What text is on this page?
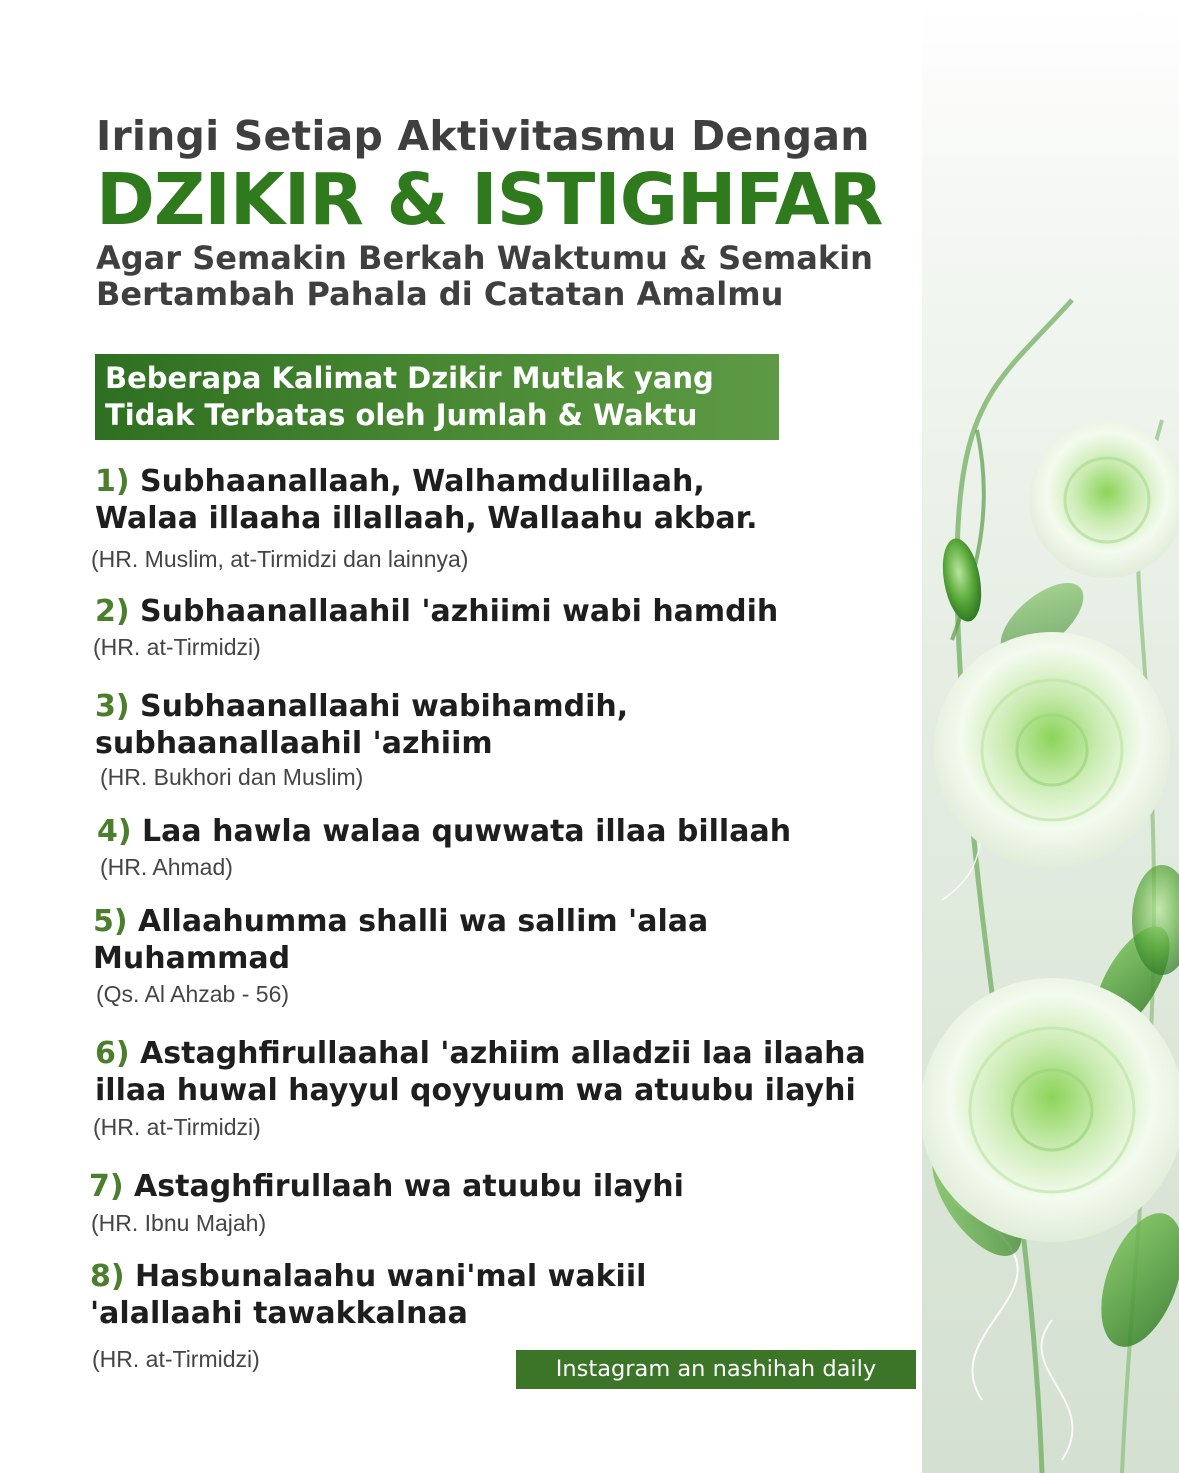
Iringi Setiap Aktivitasmu Dengan
DZIKIR & ISTIGHFAR
Agar Semakin Berkah Waktumu & Semakin
Bertambah Pahala di Catatan Amalmu
Beberapa Kalimat Dzikir Mutlak yang
Tidak Terbatas oleh Jumlah & Waktu

1) Subhaanallaah, Walhamdulillaah,

Walaa illaaha illallaah, Wallaahu akbar.

(HR. Muslim, at-Tirmidzi dan lainnya)

2) Subhaanallaahil 'azhiimi wabi hamdih

(HR. at-Tirmidzi)

3) Subhaanallaahi wabihamdih,

subhaanallaahil 'azhiim

(HR. Bukhori dan Muslim)

4) Laa hawla walaa quwwata illaa billaah

(HR. Ahmad)

5) Allaahumma shalli wa sallim 'alaa

Muhammad

(Qs. Al Ahzab - 56)

6) Astaghfirullaahal 'azhiim alladzii laa ilaaha

illaa huwal hayyul qoyyuum wa atuubu ilayhi

(HR. at-Tirmidzi)

7) Astaghfirullaah wa atuubu ilayhi

(HR. Ibnu Majah)

8) Hasbunalaahu wani'mal wakiil

'alallaahi tawakkalnaa

(HR. at-Tirmidzi)	Instagram an nashihah daily
